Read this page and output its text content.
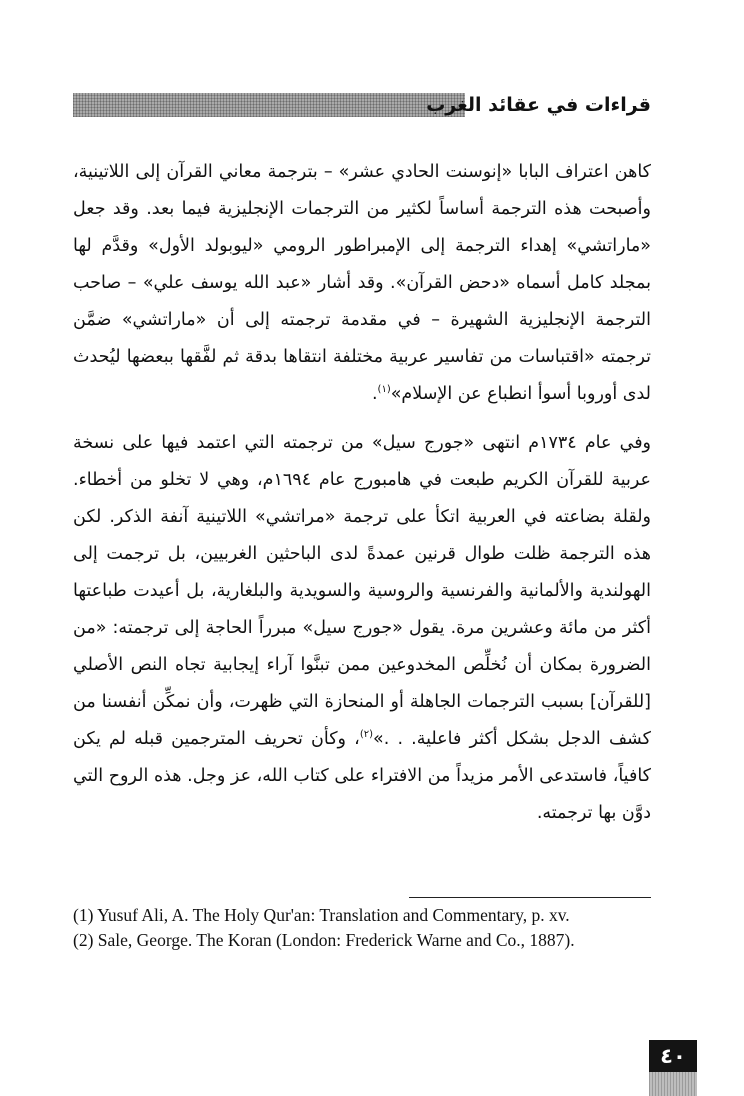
قراءات في عقائد الغرب

كاهن اعتراف البابا «إنوسنت الحادي عشر» – بترجمة معاني القرآن إلى اللاتينية، وأصبحت هذه الترجمة أساساً لكثير من الترجمات الإنجليزية فيما بعد. وقد جعل «ماراتشي» إهداء الترجمة إلى الإمبراطور الرومي «ليوبولد الأول» وقدَّم لها بمجلد كامل أسماه «دحض القرآن». وقد أشار «عبد الله يوسف علي» – صاحب الترجمة الإنجليزية الشهيرة – في مقدمة ترجمته إلى أن «ماراتشي» ضمَّن ترجمته «اقتباسات من تفاسير عربية مختلفة انتقاها بدقة ثم لفَّقها ببعضها ليُحدث لدى أوروبا أسوأ انطباع عن الإسلام»$^{(١)}$.

وفي عام ١٧٣٤م انتهى «جورج سيل» من ترجمته التي اعتمد فيها على نسخة عربية للقرآن الكريم طبعت في هامبورج عام ١٦٩٤م، وهي لا تخلو من أخطاء. ولقلة بضاعته في العربية اتكأ على ترجمة «مراتشي» اللاتينية آنفة الذكر. لكن هذه الترجمة ظلت طوال قرنين عمدةً لدى الباحثين الغربيين، بل ترجمت إلى الهولندية والألمانية والفرنسية والروسية والسويدية والبلغارية، بل أعيدت طباعتها أكثر من مائة وعشرين مرة. يقول «جورج سيل» مبرراً الحاجة إلى ترجمته: «من الضرورة بمكان أن نُخلِّص المخدوعين ممن تبنَّوا آراء إيجابية تجاه النص الأصلي [للقرآن] بسبب الترجمات الجاهلة أو المنحازة التي ظهرت، وأن نمكِّن أنفسنا من كشف الدجل بشكل أكثر فاعلية. . .»$^{(٢)}$، وكأن تحريف المترجمين قبله لم يكن كافياً، فاستدعى الأمر مزيداً من الافتراء على كتاب الله، عز وجل. هذه الروح التي دوَّن بها ترجمته.

(1) Yusuf Ali, A. The Holy Qur'an: Translation and Commentary, p. xv.
(2) Sale, George. The Koran (London: Frederick Warne and Co., 1887).
٤٠
